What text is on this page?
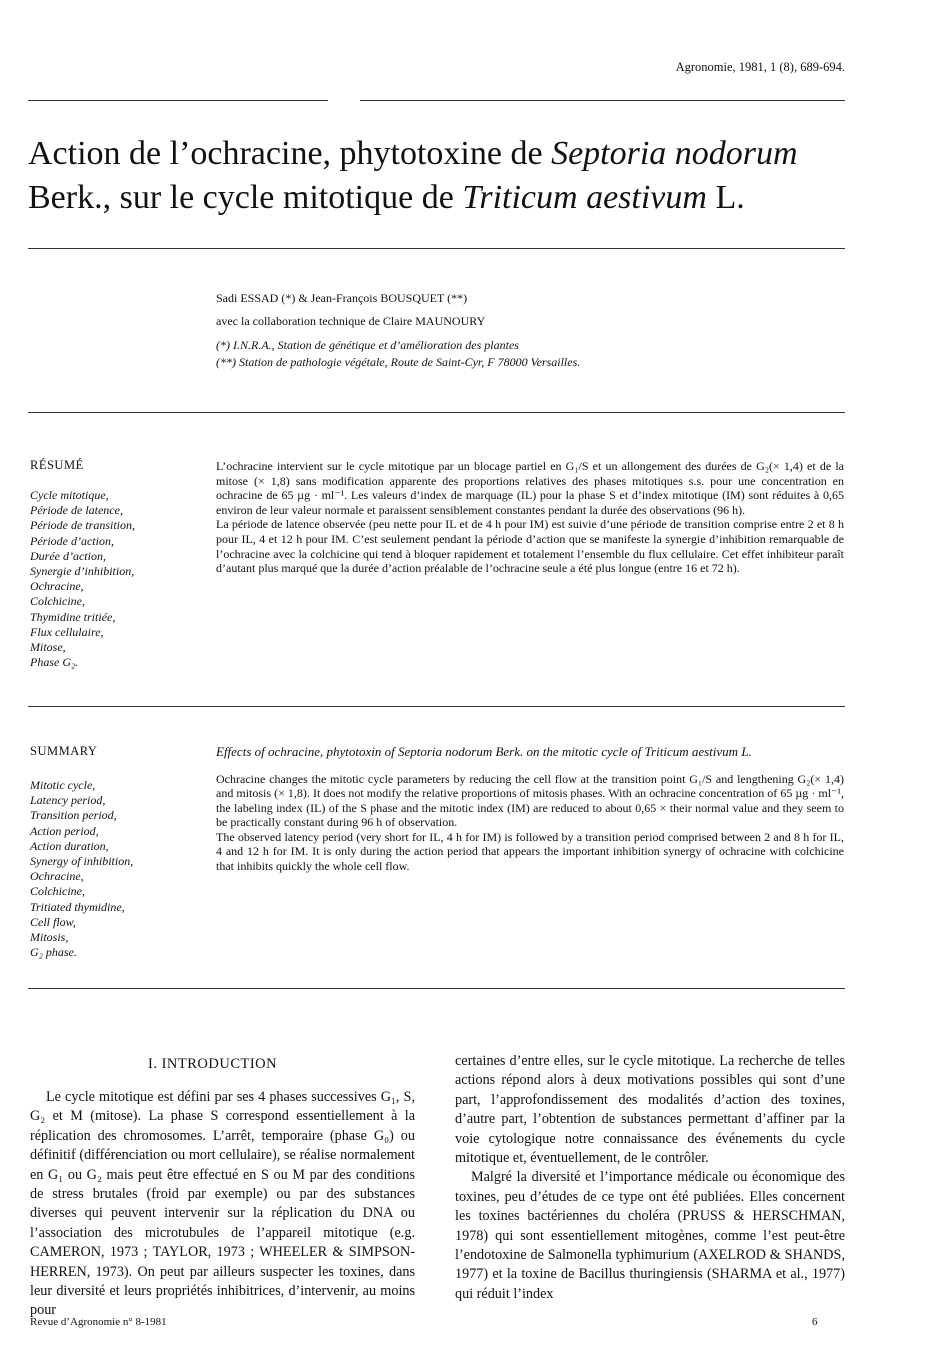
Agronomie, 1981, 1 (8), 689-694.
Action de l’ochracine, phytotoxine de Septoria nodorum
Berk., sur le cycle mitotique de Triticum aestivum L.

Sadi ESSAD (*) & Jean-François BOUSQUET (**)

avec la collaboration technique de Claire MAUNOURY

(*) I.N.R.A., Station de génétique et d’amélioration des plantes

(**) Station de pathologie végétale, Route de Saint-Cyr, F 78000 Versailles.

RÉSUMÉ
Cycle mitotique,
Période de latence,
Période de transition,
Période d’action,
Durée d’action,
Synergie d’inhibition,
Ochracine,
Colchicine,
Thymidine tritiée,
Flux cellulaire,
Mitose,
Phase G₂.

L’ochracine intervient sur le cycle mitotique par un blocage partiel en G₁/S et un allongement des durées de G₂(× 1,4) et de la mitose (× 1,8) sans modification apparente des proportions relatives des phases mitotiques s.s. pour une concentration en ochracine de 65 µg · ml⁻¹. Les valeurs d’index de marquage (IL) pour la phase S et d’index mitotique (IM) sont réduites à 0,65 environ de leur valeur normale et paraissent sensiblement constantes pendant la durée des observations (96 h).

La période de latence observée (peu nette pour IL et de 4 h pour IM) est suivie d’une période de transition comprise entre 2 et 8 h pour IL, 4 et 12 h pour IM. C’est seulement pendant la période d’action que se manifeste la synergie d’inhibition remarquable de l’ochracine avec la colchicine qui tend à bloquer rapidement et totalement l’ensemble du flux cellulaire. Cet effet inhibiteur paraît d’autant plus marqué que la durée d’action préalable de l’ochracine seule a été plus longue (entre 16 et 72 h).

SUMMARY
Mitotic cycle,
Latency period,
Transition period,
Action period,
Action duration,
Synergy of inhibition,
Ochracine,
Colchicine,
Tritiated thymidine,
Cell flow,
Mitosis,
G₂ phase.

Effects of ochracine, phytotoxin of Septoria nodorum Berk. on the mitotic cycle of Triticum aestivum L.

Ochracine changes the mitotic cycle parameters by reducing the cell flow at the transition point G₁/S and lengthening G₂(× 1,4) and mitosis (× 1,8). It does not modify the relative proportions of mitosis phases. With an ochracine concentration of 65 µg · ml⁻¹, the labeling index (IL) of the S phase and the mitotic index (IM) are reduced to about 0,65 × their normal value and they seem to be practically constant during 96 h of observation.

The observed latency period (very short for IL, 4 h for IM) is followed by a transition period comprised between 2 and 8 h for IL, 4 and 12 h for IM. It is only during the action period that appears the important inhibition synergy of ochracine with colchicine that inhibits quickly the whole cell flow.

I. INTRODUCTION

Le cycle mitotique est défini par ses 4 phases successives G₁, S, G₂ et M (mitose). La phase S correspond essentiellement à la réplication des chromosomes. L’arrêt, temporaire (phase G₀) ou définitif (différenciation ou mort cellulaire), se réalise normalement en G₁ ou G₂ mais peut être effectué en S ou M par des conditions de stress brutales (froid par exemple) ou par des substances diverses qui peuvent intervenir sur la réplication du DNA ou l’association des microtubules de l’appareil mitotique (e.g. CAMERON, 1973 ; TAYLOR, 1973 ; WHEELER & SIMPSON-HERREN, 1973). On peut par ailleurs suspecter les toxines, dans leur diversité et leurs propriétés inhibitrices, d’intervenir, au moins pour

certaines d’entre elles, sur le cycle mitotique. La recherche de telles actions répond alors à deux motivations possibles qui sont d’une part, l’approfondissement des modalités d’action des toxines, d’autre part, l’obtention de substances permettant d’affiner par la voie cytologique notre connaissance des événements du cycle mitotique et, éventuellement, de le contrôler.

Malgré la diversité et l’importance médicale ou économique des toxines, peu d’études de ce type ont été publiées. Elles concernent les toxines bactériennes du choléra (PRUSS & HERSCHMAN, 1978) qui sont essentiellement mitogènes, comme l’est peut-être l’endotoxine de Salmonella typhimurium (AXELROD & SHANDS, 1977) et la toxine de Bacillus thuringiensis (SHARMA et al., 1977) qui réduit l’index

Revue d’Agronomie n° 8-1981	6
